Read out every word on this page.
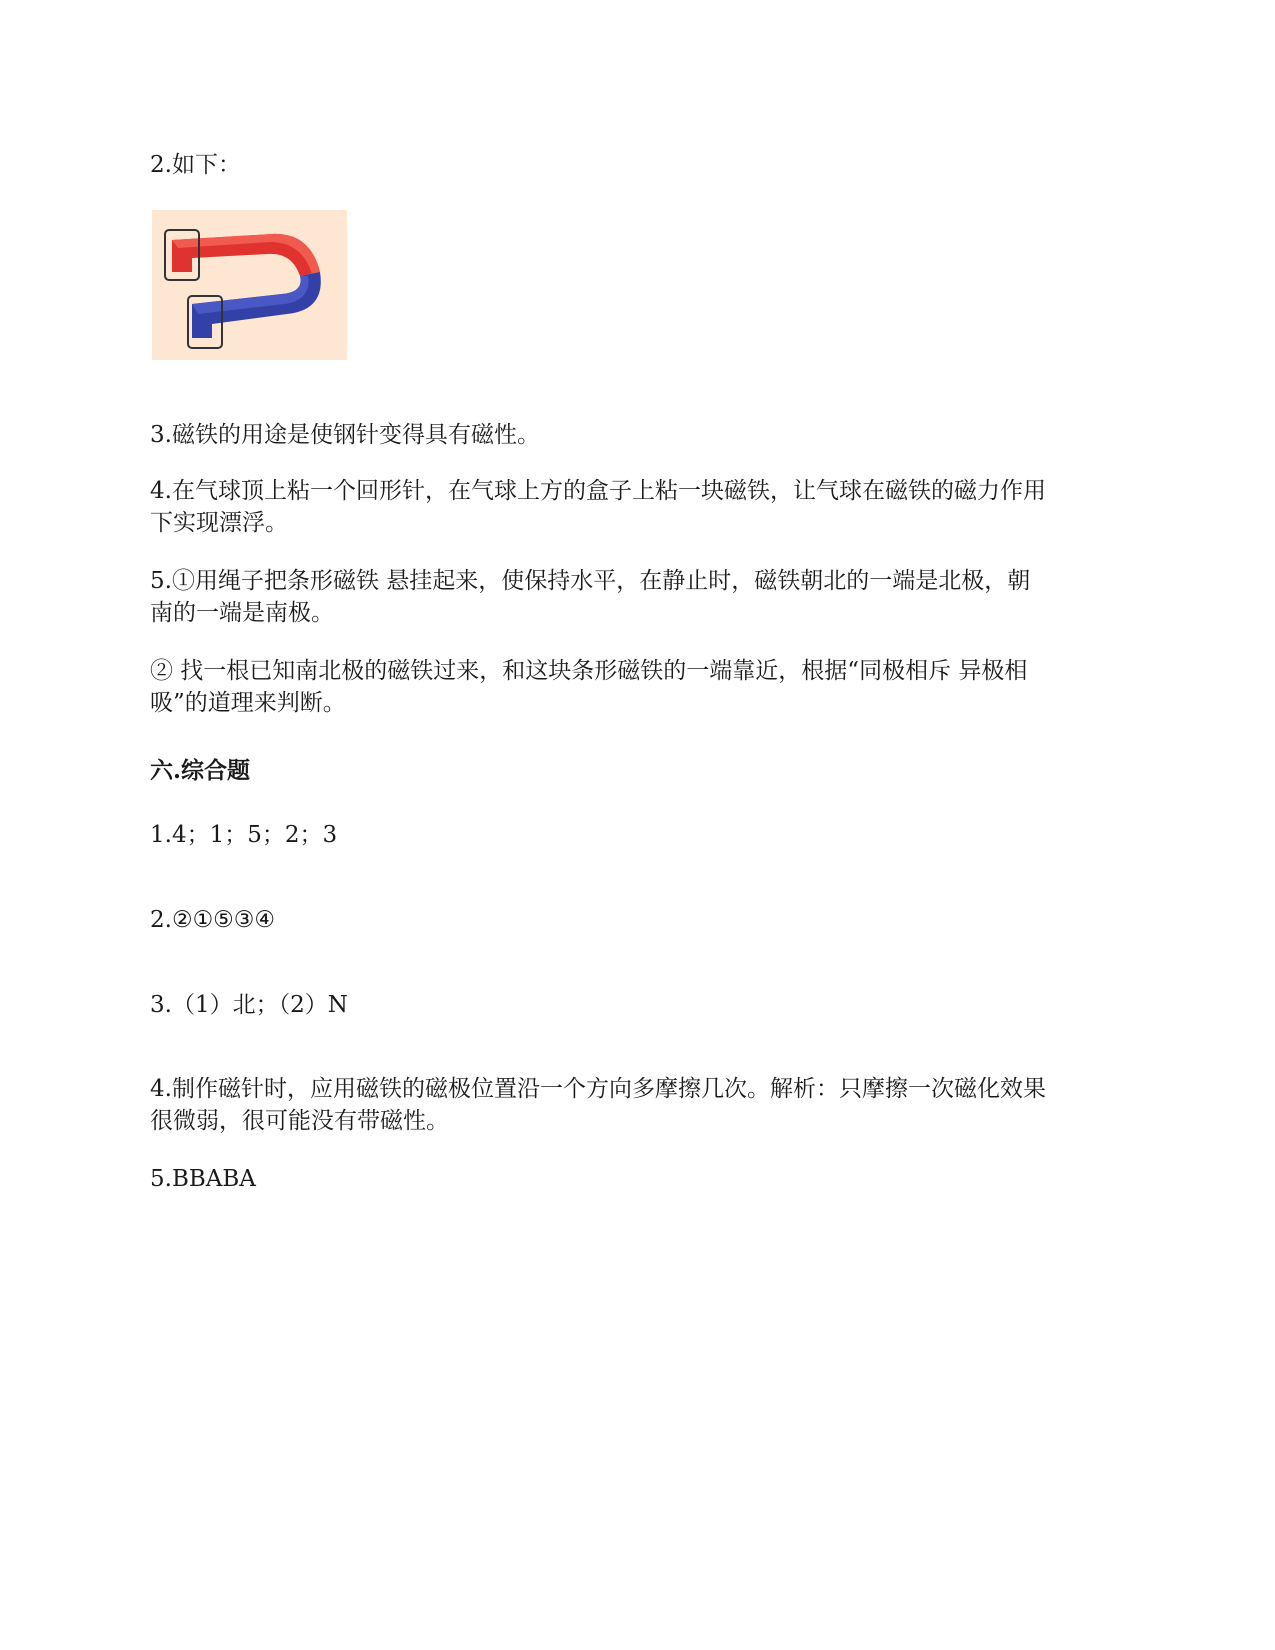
2.如下：
3.磁铁的用途是使钢针变得具有磁性。
4.在气球顶上粘一个回形针，在气球上方的盒子上粘一块磁铁，让气球在磁铁的磁力作用
下实现漂浮。
5.①用绳子把条形磁铁 悬挂起来，使保持水平，在静止时，磁铁朝北的一端是北极，朝
南的一端是南极。
② 找一根已知南北极的磁铁过来，和这块条形磁铁的一端靠近，根据“同极相斥 异极相
吸”的道理来判断。
六.综合题
1.4；1；5；2；3
2.②①⑤③④
3.（1）北；（2）N
4.制作磁针时，应用磁铁的磁极位置沿一个方向多摩擦几次。解析：只摩擦一次磁化效果
很微弱，很可能没有带磁性。
5.BBABA
